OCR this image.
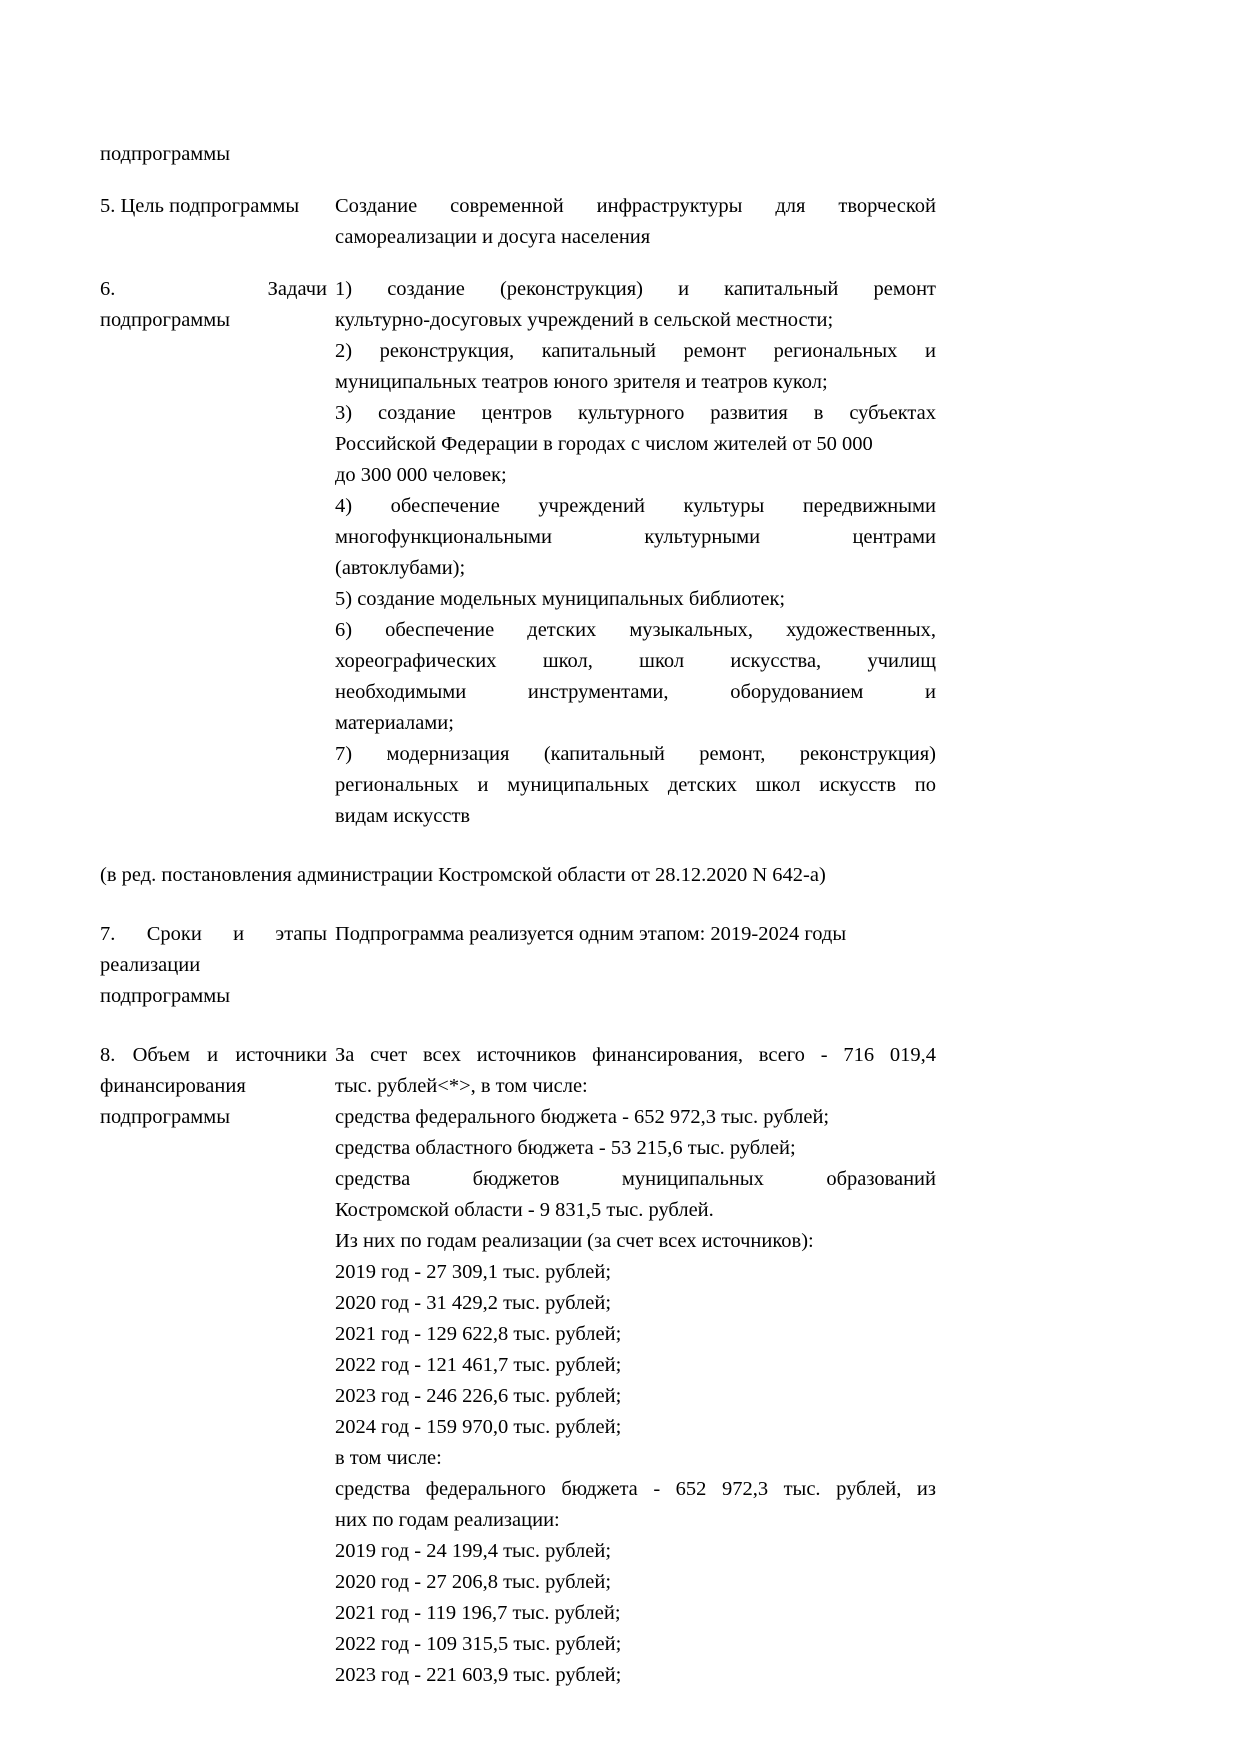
подпрограммы
5. Цель подпрограммы	Создание современной инфраструктуры для творческой
самореализации и досуга населения
6.	Задачи
подпрограммы
1) создание (реконструкция) и капитальный ремонт
культурно-досуговых учреждений в сельской местности;
2) реконструкция, капитальный ремонт региональных и
муниципальных театров юного зрителя и театров кукол;
3) создание центров культурного развития в субъектах
Российской Федерации в городах с числом жителей от 50 000
до 300 000 человек;
4) обеспечение учреждений культуры передвижными
многофункциональными культурными центрами
(автоклубами);
5) создание модельных муниципальных библиотек;
6) обеспечение детских музыкальных, художественных,
хореографических школ, школ искусства, училищ
необходимыми инструментами, оборудованием и
материалами;
7) модернизация (капитальный ремонт, реконструкция)
региональных и муниципальных детских школ искусств по
видам искусств
(в ред. постановления администрации Костромской области от 28.12.2020 N 642-а)
7. Сроки и этапы
реализации
подпрограммы
Подпрограмма реализуется одним этапом: 2019-2024 годы
8. Объем и источники
финансирования
подпрограммы
За счет всех источников финансирования, всего - 716 019,4
тыс. рублей<*>, в том числе:
средства федерального бюджета - 652 972,3 тыс. рублей;
средства областного бюджета - 53 215,6 тыс. рублей;
средства бюджетов муниципальных образований
Костромской области - 9 831,5 тыс. рублей.
Из них по годам реализации (за счет всех источников):
2019 год - 27 309,1 тыс. рублей;
2020 год - 31 429,2 тыс. рублей;
2021 год - 129 622,8 тыс. рублей;
2022 год - 121 461,7 тыс. рублей;
2023 год - 246 226,6 тыс. рублей;
2024 год - 159 970,0 тыс. рублей;
в том числе:
средства федерального бюджета - 652 972,3 тыс. рублей, из
них по годам реализации:
2019 год - 24 199,4 тыс. рублей;
2020 год - 27 206,8 тыс. рублей;
2021 год - 119 196,7 тыс. рублей;
2022 год - 109 315,5 тыс. рублей;
2023 год - 221 603,9 тыс. рублей;
